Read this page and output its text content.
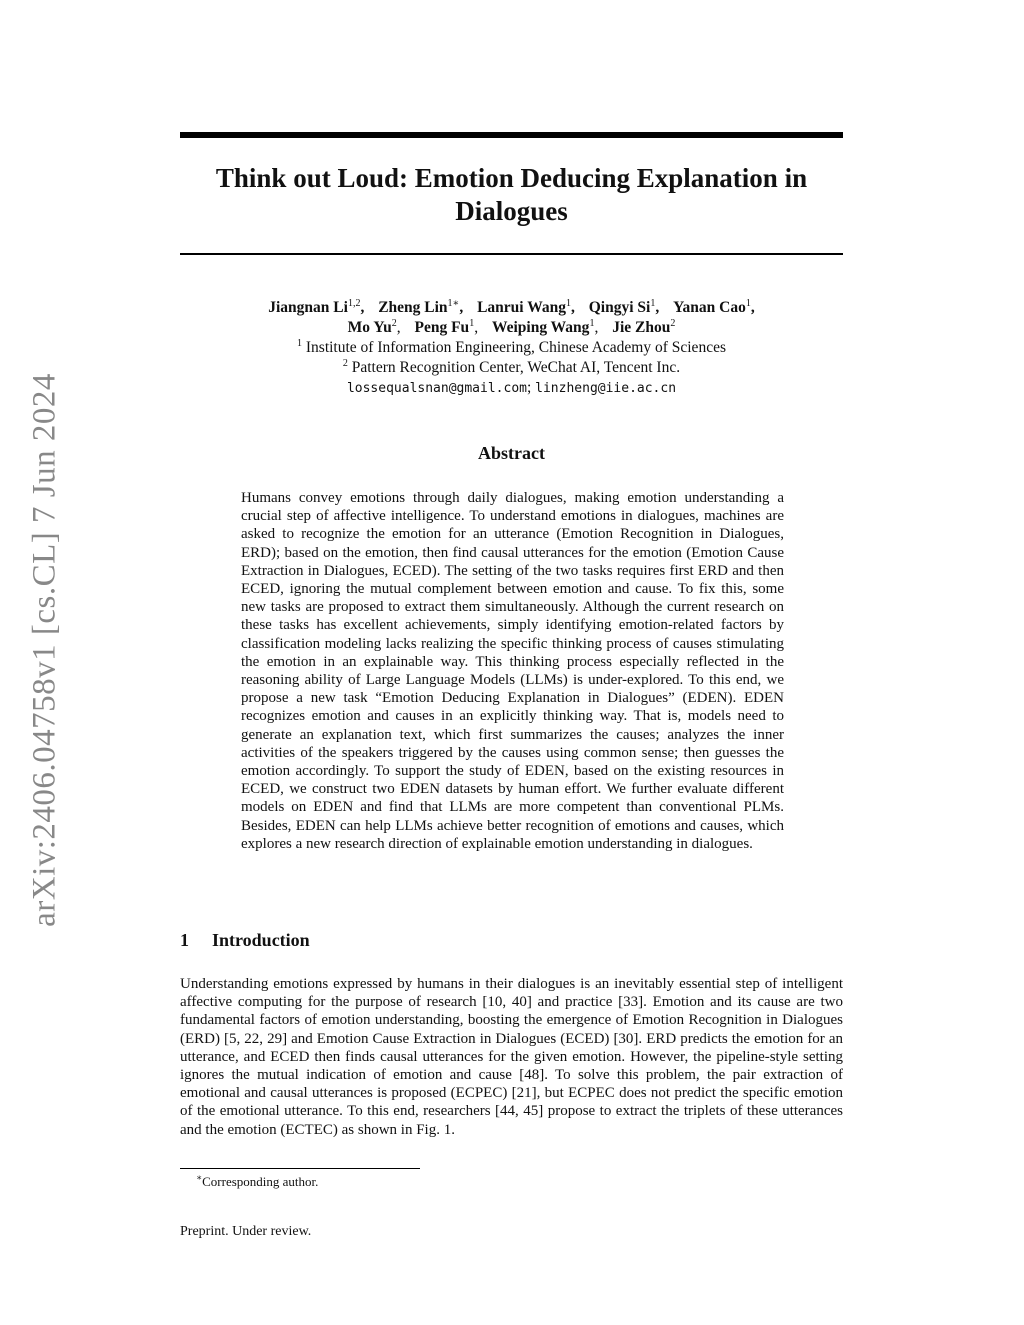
arXiv:2406.04758v1 [cs.CL] 7 Jun 2024
Think out Loud: Emotion Deducing Explanation in Dialogues
Jiangnan Li$^{1,2}$, Zheng Lin$^{1∗}$, Lanrui Wang$^1$, Qingyi Si$^1$, Yanan Cao$^1$,
Mo Yu$^2$, Peng Fu$^1$, Weiping Wang$^1$, Jie Zhou$^2$
$^1$ Institute of Information Engineering, Chinese Academy of Sciences
$^2$ Pattern Recognition Center, WeChat AI, Tencent Inc.
lossequalsnan@gmail.com; linzheng@iie.ac.cn
Abstract

Humans convey emotions through daily dialogues, making emotion understanding a crucial step of affective intelligence. To understand emotions in dialogues, machines are asked to recognize the emotion for an utterance (Emotion Recognition in Dialogues, ERD); based on the emotion, then find causal utterances for the emotion (Emotion Cause Extraction in Dialogues, ECED). The setting of the two tasks requires first ERD and then ECED, ignoring the mutual complement between emotion and cause. To fix this, some new tasks are proposed to extract them simultaneously. Although the current research on these tasks has excellent achievements, simply identifying emotion-related factors by classification modeling lacks realizing the specific thinking process of causes stimulating the emotion in an explainable way. This thinking process especially reflected in the reasoning ability of Large Language Models (LLMs) is under-explored. To this end, we propose a new task “Emotion Deducing Explanation in Dialogues” (EDEN). EDEN recognizes emotion and causes in an explicitly thinking way. That is, models need to generate an explanation text, which first summarizes the causes; analyzes the inner activities of the speakers triggered by the causes using common sense; then guesses the emotion accordingly. To support the study of EDEN, based on the existing resources in ECED, we construct two EDEN datasets by human effort. We further evaluate different models on EDEN and find that LLMs are more competent than conventional PLMs. Besides, EDEN can help LLMs achieve better recognition of emotions and causes, which explores a new research direction of explainable emotion understanding in dialogues.

1 Introduction

Understanding emotions expressed by humans in their dialogues is an inevitably essential step of intelligent affective computing for the purpose of research [10, 40] and practice [33]. Emotion and its cause are two fundamental factors of emotion understanding, boosting the emergence of Emotion Recognition in Dialogues (ERD) [5, 22, 29] and Emotion Cause Extraction in Dialogues (ECED) [30]. ERD predicts the emotion for an utterance, and ECED then finds causal utterances for the given emotion. However, the pipeline-style setting ignores the mutual indication of emotion and cause [48]. To solve this problem, the pair extraction of emotional and causal utterances is proposed (ECPEC) [21], but ECPEC does not predict the specific emotion of the emotional utterance. To this end, researchers [44, 45] propose to extract the triplets of these utterances and the emotion (ECTEC) as shown in Fig. 1.

∗Corresponding author.

Preprint. Under review.
